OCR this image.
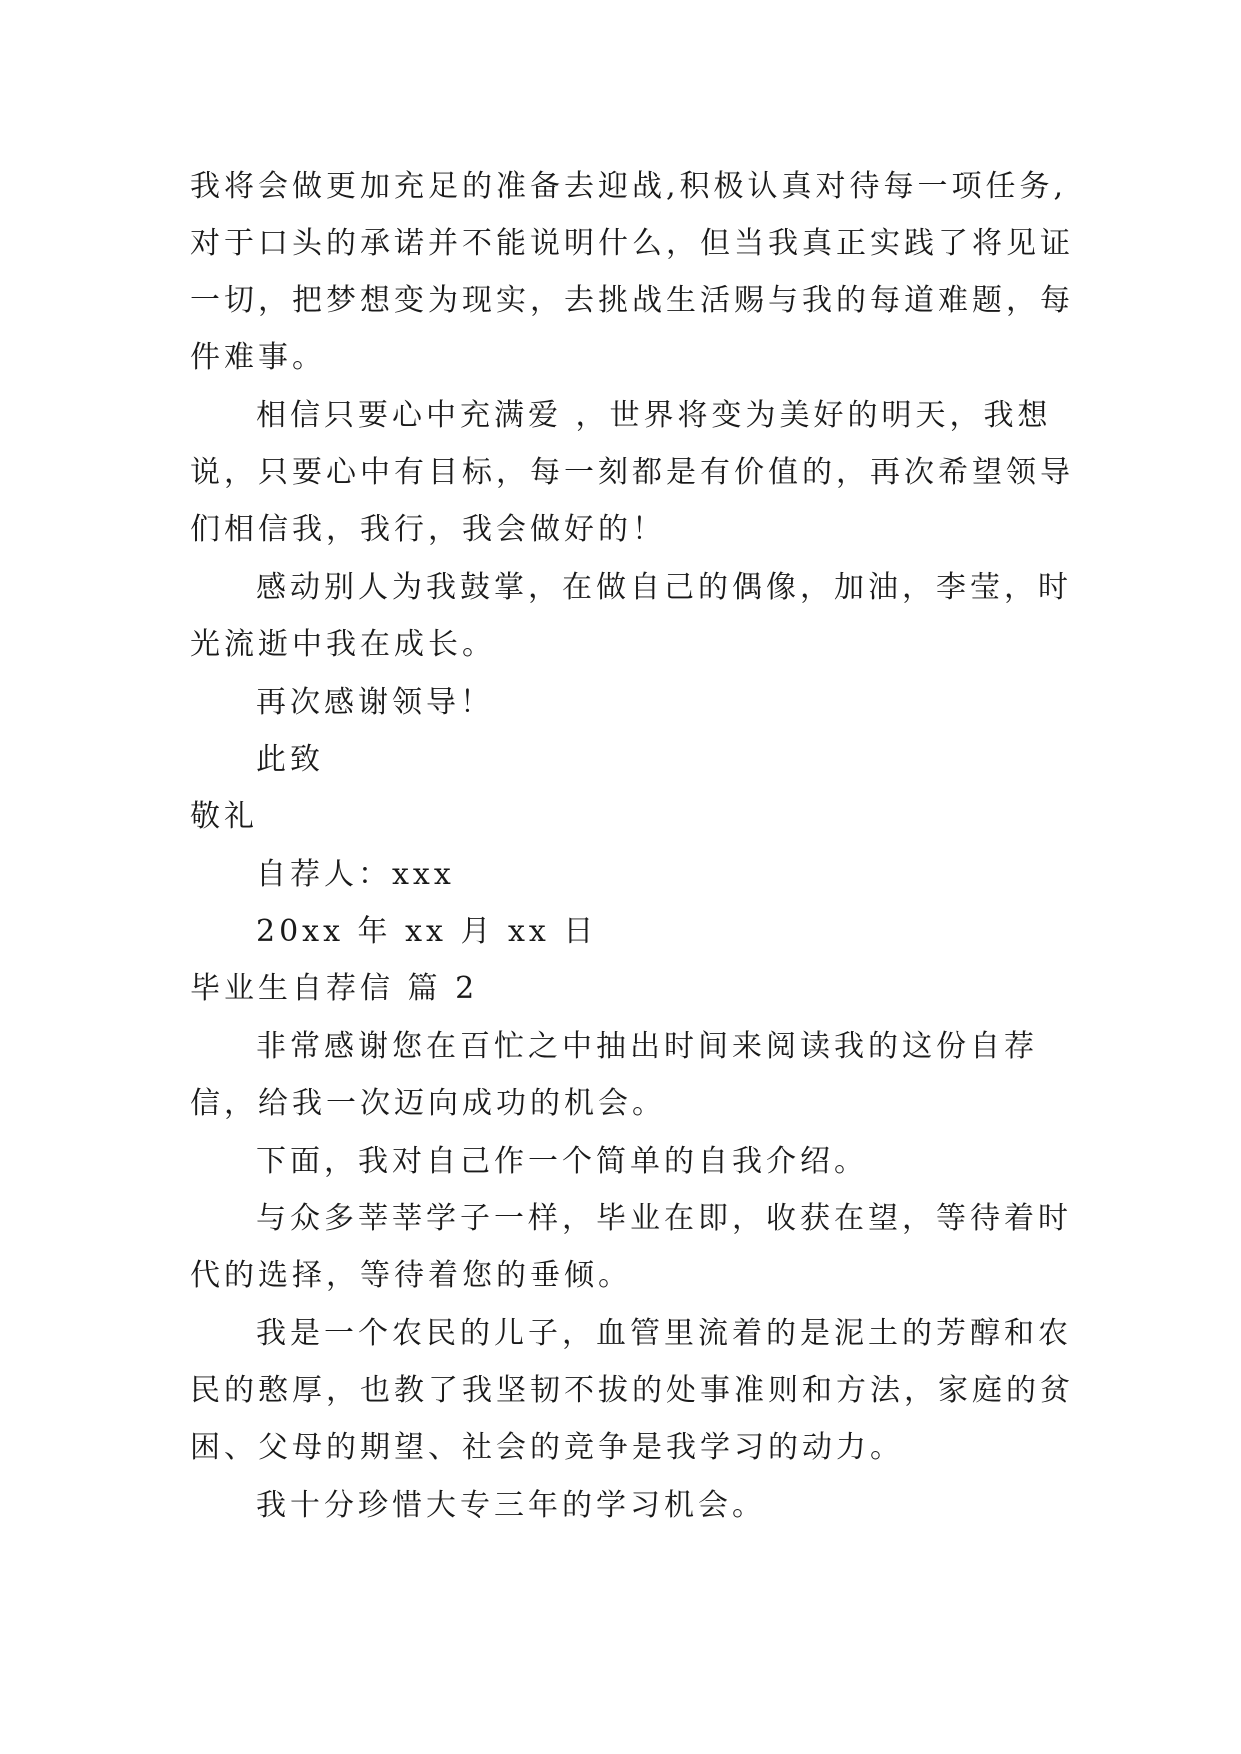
我将会做更加充足的准备去迎战,积极认真对待每一项任务,
对于口头的承诺并不能说明什么，但当我真正实践了将见证
一切，把梦想变为现实，去挑战生活赐与我的每道难题，每
件难事。
相信只要心中充满爱 ，世界将变为美好的明天，我想
说，只要心中有目标，每一刻都是有价值的，再次希望领导
们相信我，我行，我会做好的！
感动别人为我鼓掌，在做自己的偶像，加油，李莹，时
光流逝中我在成长。
再次感谢领导！
此致
敬礼
自荐人：xxx
20xx 年 xx 月 xx 日
毕业生自荐信 篇 2
非常感谢您在百忙之中抽出时间来阅读我的这份自荐
信，给我一次迈向成功的机会。
下面，我对自己作一个简单的自我介绍。
与众多莘莘学子一样，毕业在即，收获在望，等待着时
代的选择，等待着您的垂倾。
我是一个农民的儿子，血管里流着的是泥土的芳醇和农
民的憨厚，也教了我坚韧不拔的处事准则和方法，家庭的贫
困、父母的期望、社会的竞争是我学习的动力。
我十分珍惜大专三年的学习机会。
